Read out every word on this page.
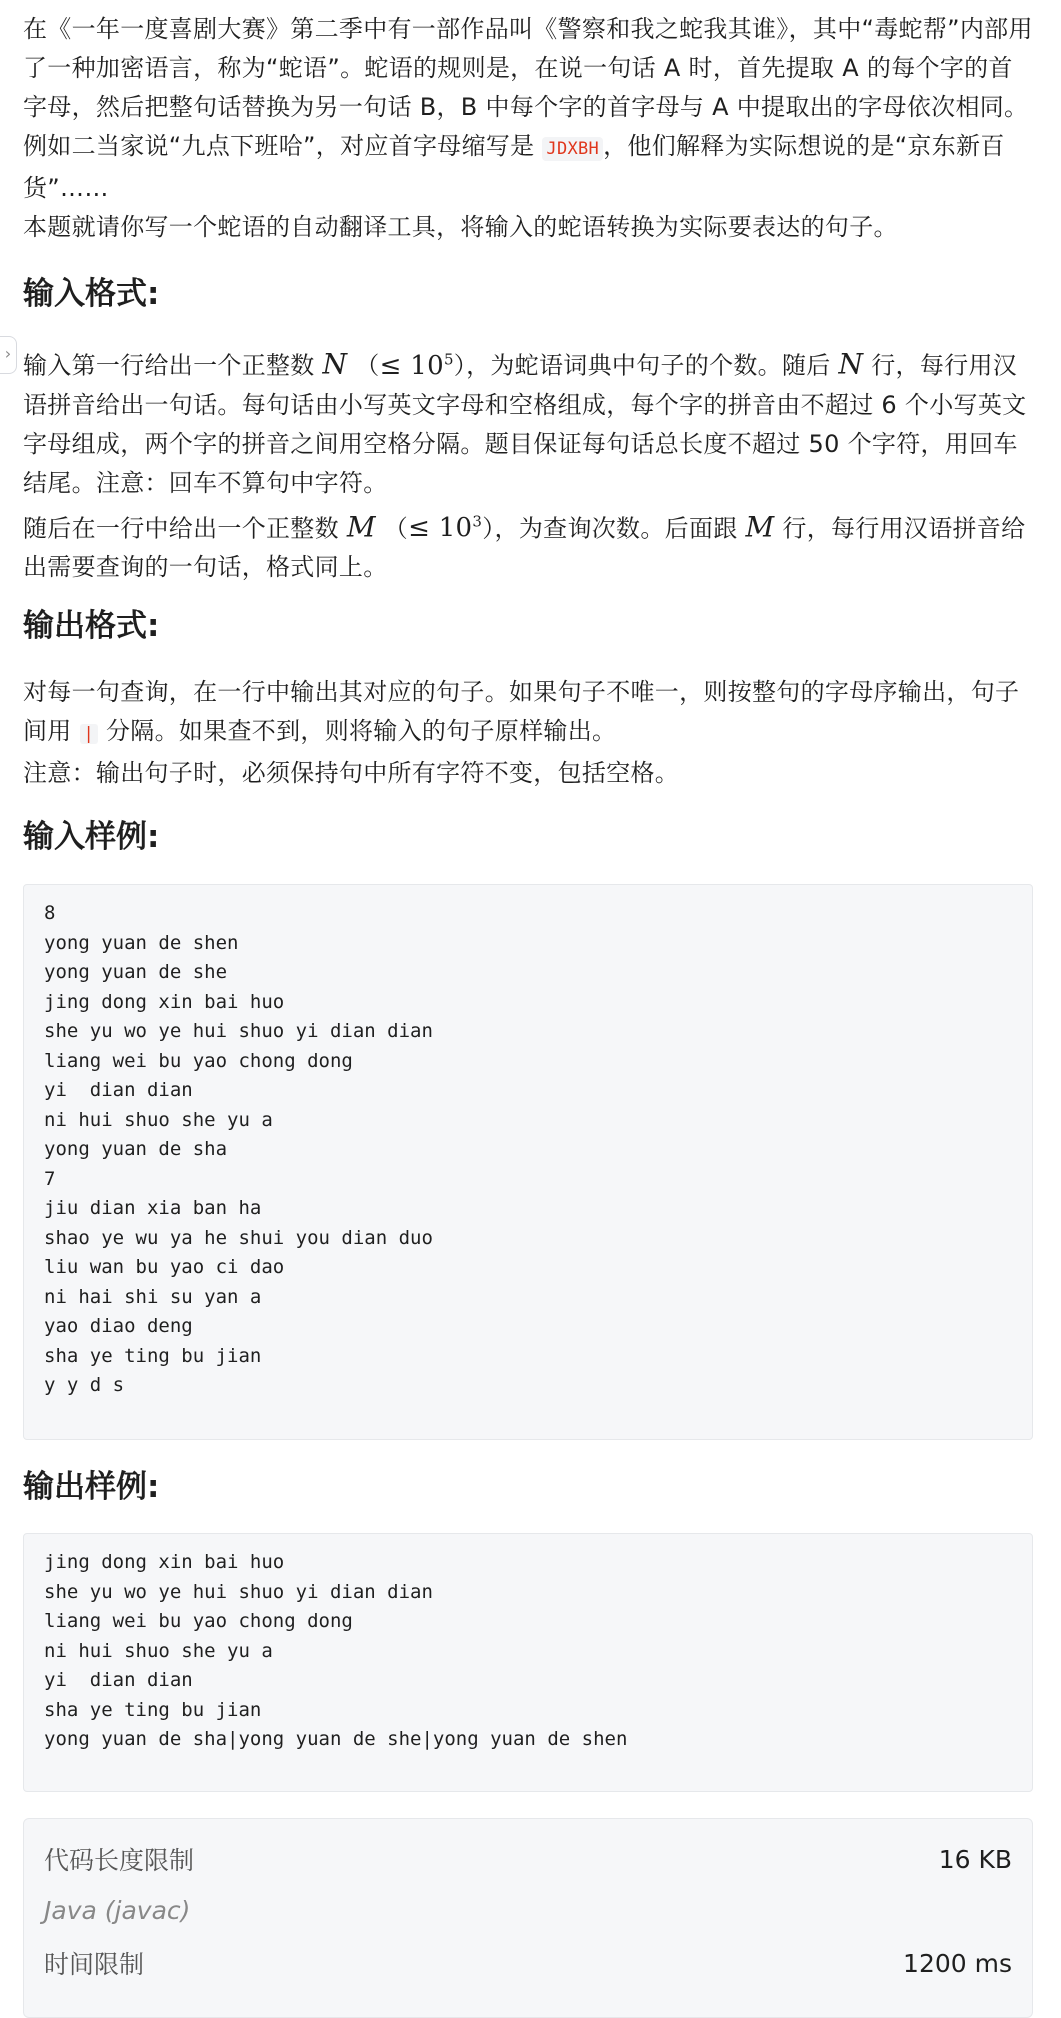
›

在《一年一度喜剧大赛》第二季中有一部作品叫《警察和我之蛇我其谁》，其中“毒蛇帮”内部用了一种加密语言，称为“蛇语”。蛇语的规则是，在说一句话 A 时，首先提取 A 的每个字的首字母，然后把整句话替换为另一句话 B，B 中每个字的首字母与 A 中提取出的字母依次相同。例如二当家说“九点下班哈”，对应首字母缩写是 JDXBH ，他们解释为实际想说的是“京东新百货”……

本题就请你写一个蛇语的自动翻译工具，将输入的蛇语转换为实际要表达的句子。

输入格式:

输入第一行给出一个正整数 N （≤ $10^5$），为蛇语词典中句子的个数。随后 N 行，每行用汉语拼音给出一句话。每句话由小写英文字母和空格组成，每个字的拼音由不超过 6 个小写英文字母组成，两个字的拼音之间用空格分隔。题目保证每句话总长度不超过 50 个字符，用回车结尾。注意：回车不算句中字符。

随后在一行中给出一个正整数 M （≤ $10^3$），为查询次数。后面跟 M 行，每行用汉语拼音给出需要查询的一句话，格式同上。

输出格式:

对每一句查询，在一行中输出其对应的句子。如果句子不唯一，则按整句的字母序输出，句子间用 | 分隔。如果查不到，则将输入的句子原样输出。

注意：输出句子时，必须保持句中所有字符不变，包括空格。

输入样例:
8
yong yuan de shen
yong yuan de she
jing dong xin bai huo
she yu wo ye hui shuo yi dian dian
liang wei bu yao chong dong
yi  dian dian
ni hui shuo she yu a
yong yuan de sha
7
jiu dian xia ban ha
shao ye wu ya he shui you dian duo
liu wan bu yao ci dao
ni hai shi su yan a
yao diao deng
sha ye ting bu jian
y y d s
输出样例:
jing dong xin bai huo
she yu wo ye hui shuo yi dian dian
liang wei bu yao chong dong
ni hui shuo she yu a
yi  dian dian
sha ye ting bu jian
yong yuan de sha|yong yuan de she|yong yuan de shen
代码长度限制	16 KB
Java (javac)
时间限制	1200 ms
